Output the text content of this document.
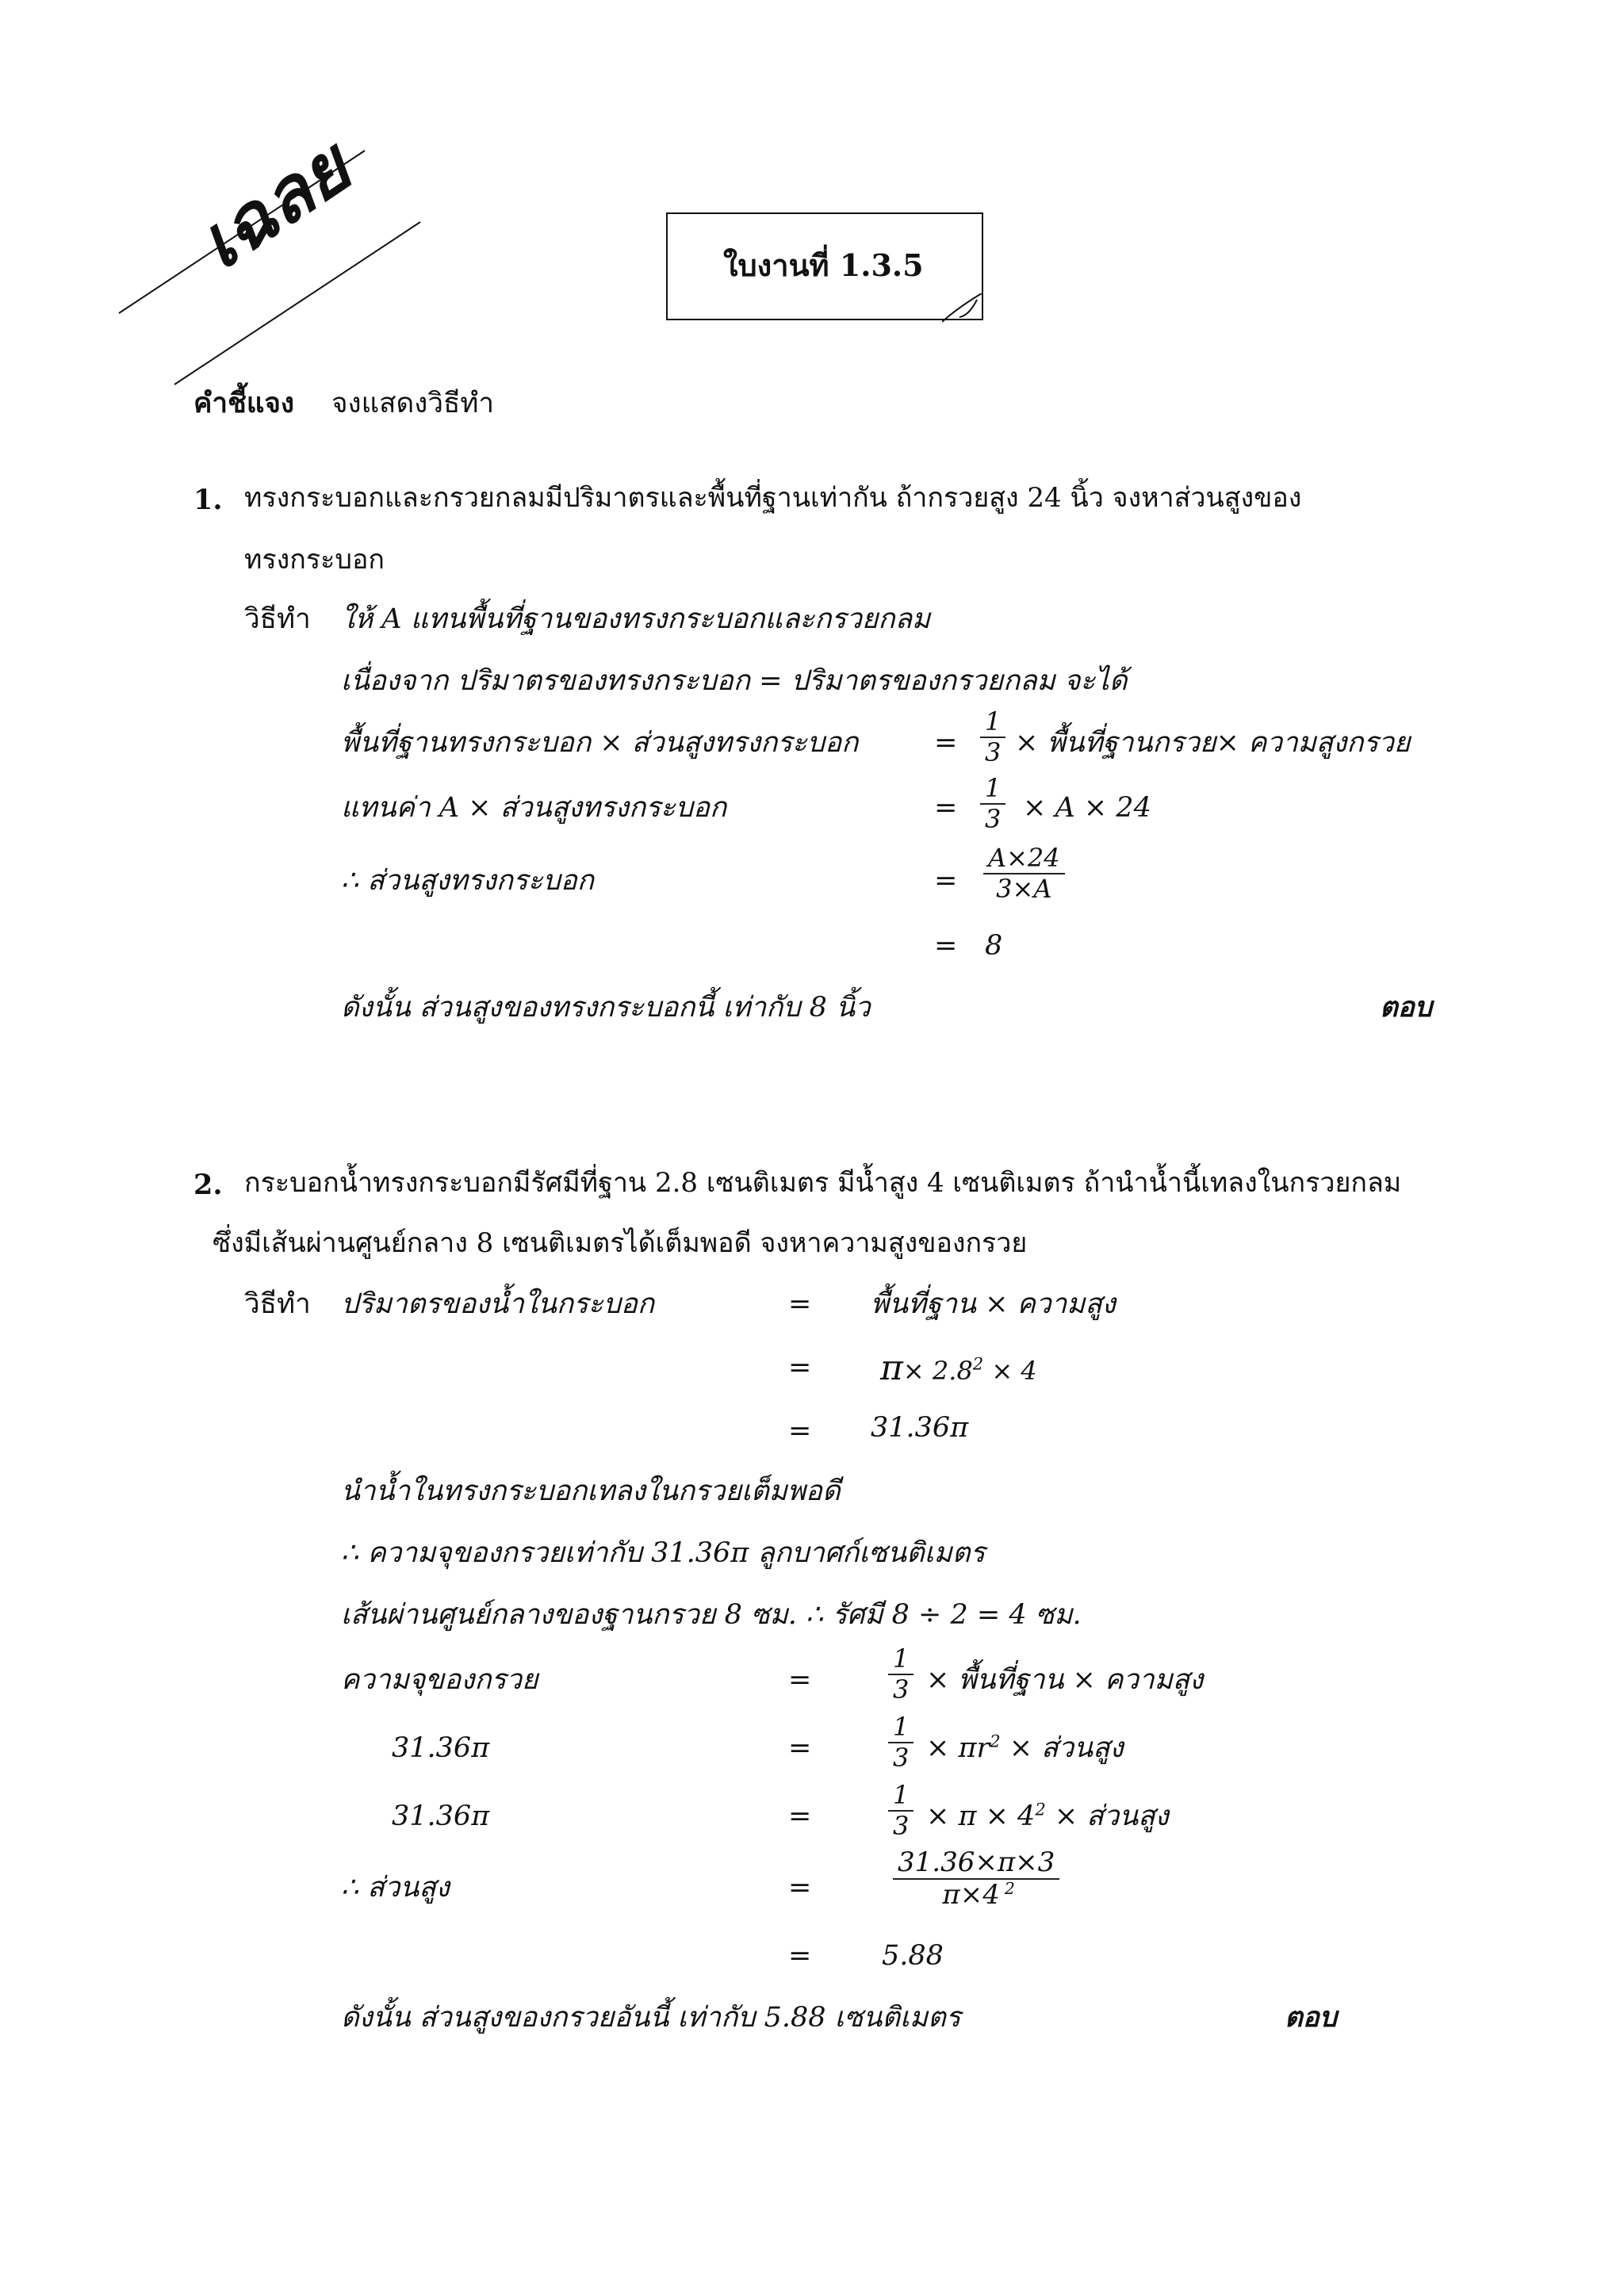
เฉลย	ใบงานที่ 1.3.5
คำชี้แจง จงแสดงวิธีทำ
1. ทรงกระบอกและกรวยกลมมีปริมาตรและพื้นที่ฐานเท่ากัน ถ้ากรวยสูง 24 นิ้ว จงหาส่วนสูงของ
ทรงกระบอก
วิธีทำ ให้ A แทนพื้นที่ฐานของทรงกระบอกและกรวยกลม
เนื่องจาก ปริมาตรของทรงกระบอก = ปริมาตรของกรวยกลม จะได้
พื้นที่ฐานทรงกระบอก × ส่วนสูงทรงกระบอก	=
1
3 × พื้นที่ฐานกรวย× ความสูงกรวย
แทนค่า A × ส่วนสูงทรงกระบอก	=
1
3 × A × 24
∴ ส่วนสูงทรงกระบอก	=
A×24
3×A
= 8
ดังนั้น ส่วนสูงของทรงกระบอกนี้ เท่ากับ 8 นิ้ว	ตอบ
2. กระบอกน้ำทรงกระบอกมีรัศมีที่ฐาน 2.8 เซนติเมตร มีน้ำสูง 4 เซนติเมตร ถ้านำน้ำนี้เทลงในกรวยกลม
ซึ่งมีเส้นผ่านศูนย์กลาง 8 เซนติเมตรได้เต็มพอดี จงหาความสูงของกรวย
วิธีทำ ปริมาตรของน้ำในกระบอก	= พื้นที่ฐาน × ความสูง
= $\pi\times 2.8^2 \times 4$
= 31.36π
นำน้ำในทรงกระบอกเทลงในกรวยเต็มพอดี
∴ ความจุของกรวยเท่ากับ 31.36π ลูกบาศก์เซนติเมตร
เส้นผ่านศูนย์กลางของฐานกรวย 8 ซม. ∴ รัศมี 8 ÷ 2 = 4 ซม.
ความจุของกรวย	=
1
3 × พื้นที่ฐาน × ความสูง
31.36π	=
1
$3 \times \pi r^2$ × ส่วนสูง
31.36π	=
1
$3 \times \pi \times 4^2$ × ส่วนสูง
∴ ส่วนสูง	=
31.36×π×3
π×4 $^2$
=	5.88
ดังนั้น ส่วนสูงของกรวยอันนี้ เท่ากับ 5.88 เซนติเมตร	ตอบ
